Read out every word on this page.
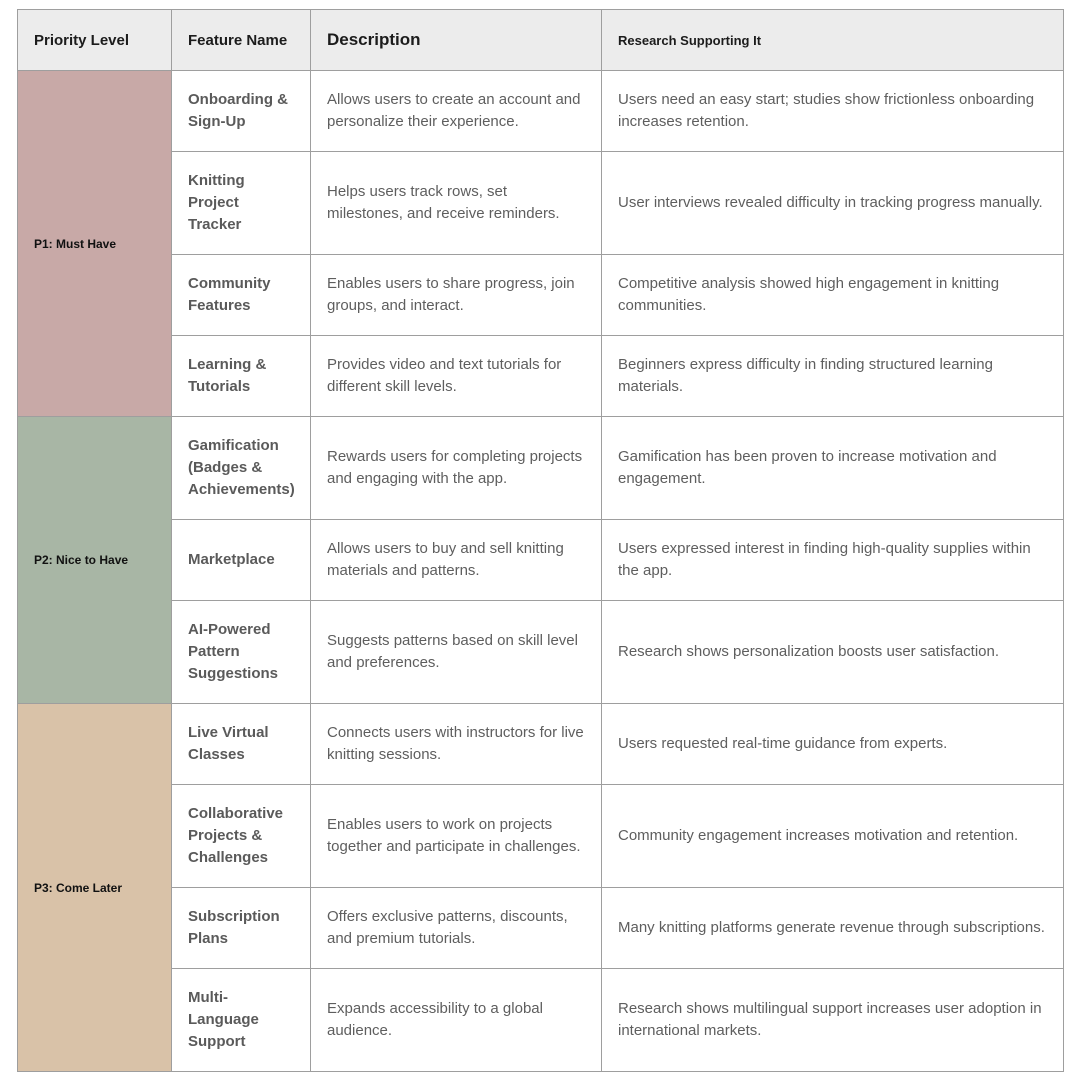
Priority Level	Feature Name	Description	Research Supporting It
P1: Must Have	Onboarding & Sign-Up	Allows users to create an account and personalize their experience.	Users need an easy start; studies show frictionless onboarding increases retention.
	Knitting Project Tracker	Helps users track rows, set milestones, and receive reminders.	User interviews revealed difficulty in tracking progress manually.
	Community Features	Enables users to share progress, join groups, and interact.	Competitive analysis showed high engagement in knitting communities.
	Learning & Tutorials	Provides video and text tutorials for different skill levels.	Beginners express difficulty in finding structured learning materials.
P2: Nice to Have	Gamification (Badges & Achievements)	Rewards users for completing projects and engaging with the app.	Gamification has been proven to increase motivation and engagement.
	Marketplace	Allows users to buy and sell knitting materials and patterns.	Users expressed interest in finding high-quality supplies within the app.
	AI-Powered Pattern Suggestions	Suggests patterns based on skill level and preferences.	Research shows personalization boosts user satisfaction.
P3: Come Later	Live Virtual Classes	Connects users with instructors for live knitting sessions.	Users requested real-time guidance from experts.
	Collaborative Projects & Challenges	Enables users to work on projects together and participate in challenges.	Community engagement increases motivation and retention.
	Subscription Plans	Offers exclusive patterns, discounts, and premium tutorials.	Many knitting platforms generate revenue through subscriptions.
	Multi-Language Support	Expands accessibility to a global audience.	Research shows multilingual support increases user adoption in international markets.
